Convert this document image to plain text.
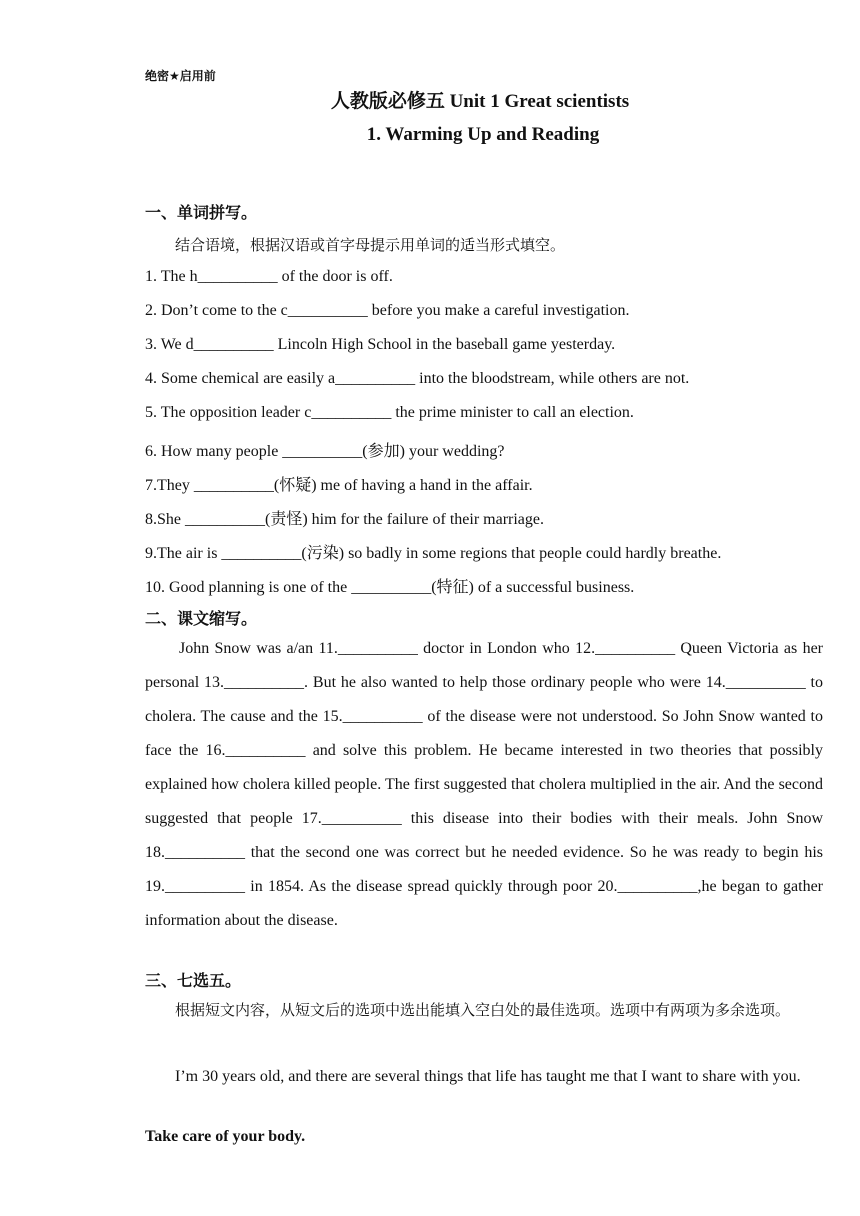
绝密★启用前
人教版必修五 Unit 1 Great scientists
1. Warming Up and Reading
一、单词拼写。
结合语境，根据汉语或首字母提示用单词的适当形式填空。
1. The h__________ of the door is off.
2. Don’t come to the c__________ before you make a careful investigation.
3. We d__________ Lincoln High School in the baseball game yesterday.
4. Some chemical are easily a__________ into the bloodstream, while others are not.
5. The opposition leader c__________ the prime minister to call an election.
6. How many people __________(参加) your wedding?
7.They __________(怀疑) me of having a hand in the affair.
8.She __________(责怪) him for the failure of their marriage.
9.The air is __________(污染) so badly in some regions that people could hardly breathe.
10. Good planning is one of the __________(特征) of a successful business.
二、课文缩写。
John Snow was a/an 11.__________ doctor in London who 12.__________ Queen Victoria as her personal 13.__________. But he also wanted to help those ordinary people who were 14.__________ to cholera. The cause and the 15.__________ of the disease were not understood. So John Snow wanted to face the 16.__________ and solve this problem. He became interested in two theories that possibly explained how cholera killed people. The first suggested that cholera multiplied in the air. And the second suggested that people 17.__________ this disease into their bodies with their meals. John Snow 18.__________ that the second one was correct but he needed evidence. So he was ready to begin his 19.__________ in 1854. As the disease spread quickly through poor 20.__________,he began to gather information about the disease.
三、七选五。
根据短文内容，从短文后的选项中选出能填入空白处的最佳选项。选项中有两项为多余选项。
I’m 30 years old, and there are several things that life has taught me that I want to share with you.
Take care of your body.
